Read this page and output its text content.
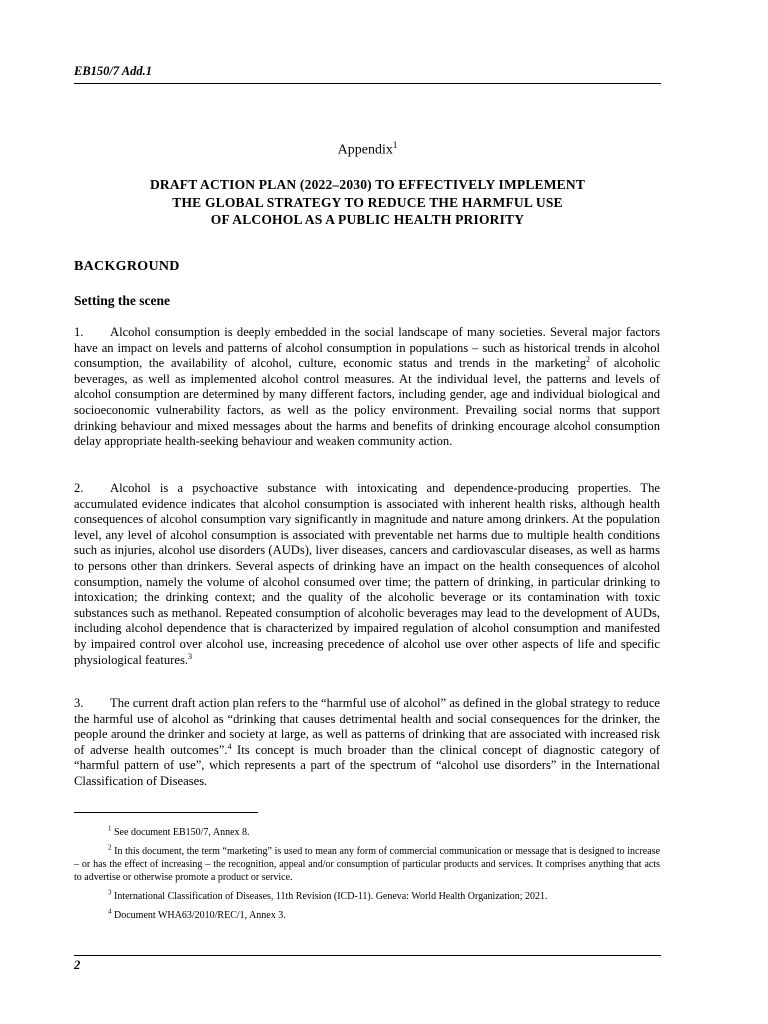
EB150/7 Add.1
Appendix$^1$
DRAFT ACTION PLAN (2022–2030) TO EFFECTIVELY IMPLEMENT
THE GLOBAL STRATEGY TO REDUCE THE HARMFUL USE
OF ALCOHOL AS A PUBLIC HEALTH PRIORITY
BACKGROUND
Setting the scene
1. Alcohol consumption is deeply embedded in the social landscape of many societies. Several major factors have an impact on levels and patterns of alcohol consumption in populations – such as historical trends in alcohol consumption, the availability of alcohol, culture, economic status and trends in the marketing$^2$ of alcoholic beverages, as well as implemented alcohol control measures. At the individual level, the patterns and levels of alcohol consumption are determined by many different factors, including gender, age and individual biological and socioeconomic vulnerability factors, as well as the policy environment. Prevailing social norms that support drinking behaviour and mixed messages about the harms and benefits of drinking encourage alcohol consumption delay appropriate health-seeking behaviour and weaken community action.
2. Alcohol is a psychoactive substance with intoxicating and dependence-producing properties. The accumulated evidence indicates that alcohol consumption is associated with inherent health risks, although health consequences of alcohol consumption vary significantly in magnitude and nature among drinkers. At the population level, any level of alcohol consumption is associated with preventable net harms due to multiple health conditions such as injuries, alcohol use disorders (AUDs), liver diseases, cancers and cardiovascular diseases, as well as harms to persons other than drinkers. Several aspects of drinking have an impact on the health consequences of alcohol consumption, namely the volume of alcohol consumed over time; the pattern of drinking, in particular drinking to intoxication; the drinking context; and the quality of the alcoholic beverage or its contamination with toxic substances such as methanol. Repeated consumption of alcoholic beverages may lead to the development of AUDs, including alcohol dependence that is characterized by impaired regulation of alcohol consumption and manifested by impaired control over alcohol use, increasing precedence of alcohol use over other aspects of life and specific physiological features.$^3$
3. The current draft action plan refers to the “harmful use of alcohol” as defined in the global strategy to reduce the harmful use of alcohol as “drinking that causes detrimental health and social consequences for the drinker, the people around the drinker and society at large, as well as patterns of drinking that are associated with increased risk of adverse health outcomes”.$^4$ Its concept is much broader than the clinical concept of diagnostic category of “harmful pattern of use”, which represents a part of the spectrum of “alcohol use disorders” in the International Classification of Diseases.

$^1$ See document EB150/7, Annex 8.

$^2$ In this document, the term “marketing” is used to mean any form of commercial communication or message that is designed to increase – or has the effect of increasing – the recognition, appeal and/or consumption of particular products and services. It comprises anything that acts to advertise or otherwise promote a product or service.

$^3$ International Classification of Diseases, 11th Revision (ICD-11). Geneva: World Health Organization; 2021.

$^4$ Document WHA63/2010/REC/1, Annex 3.

2
